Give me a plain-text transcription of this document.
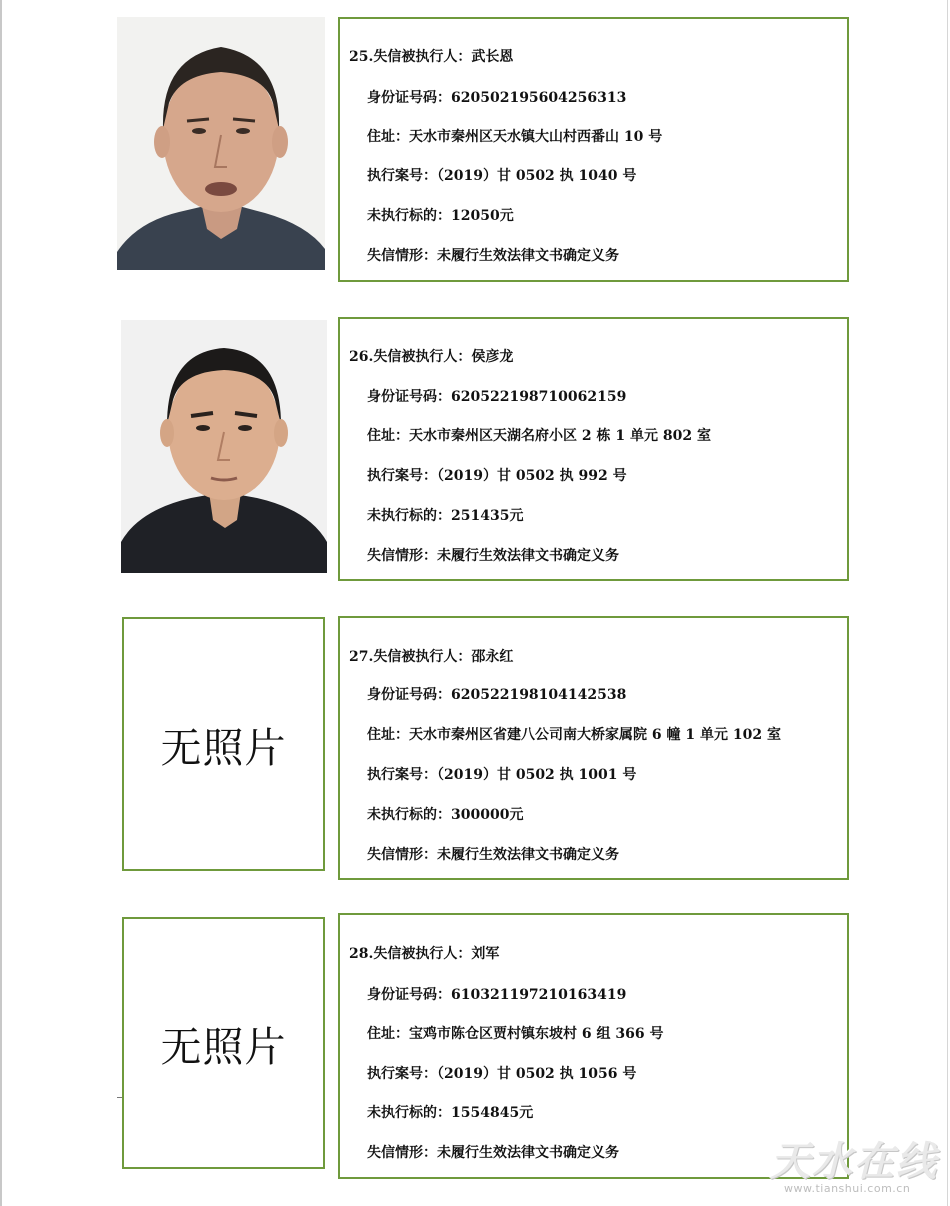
25.失信被执行人：武长恩
身份证号码：620502195604256313
住址：天水市秦州区天水镇大山村西番山 10 号
执行案号：（2019）甘 0502 执 1040 号
未执行标的：12050元
失信情形：未履行生效法律文书确定义务
26.失信被执行人：侯彦龙
身份证号码：620522198710062159
住址：天水市秦州区天湖名府小区 2 栋 1 单元 802 室
执行案号：（2019）甘 0502 执 992 号
未执行标的：251435元
失信情形：未履行生效法律文书确定义务
无照片
27.失信被执行人：邵永红
身份证号码：620522198104142538
住址：天水市秦州区省建八公司南大桥家属院 6 幢 1 单元 102 室
执行案号：（2019）甘 0502 执 1001 号
未执行标的：300000元
失信情形：未履行生效法律文书确定义务
无照片
28.失信被执行人：刘军
身份证号码：610321197210163419
住址：宝鸡市陈仓区贾村镇东坡村 6 组 366 号
执行案号：（2019）甘 0502 执 1056 号
未执行标的：1554845元
失信情形：未履行生效法律文书确定义务	天水在线
www.tianshui.com.cn
